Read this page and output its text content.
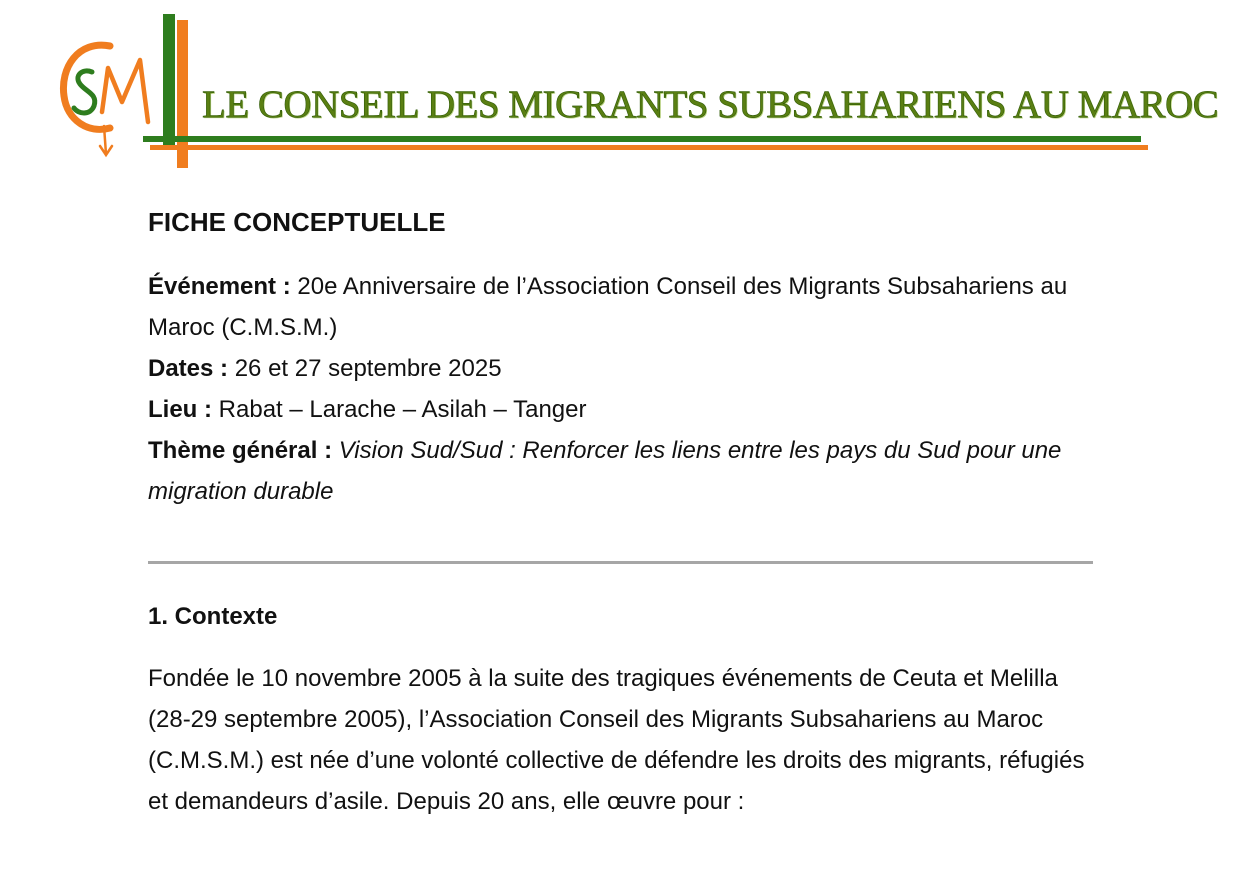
LE CONSEIL DES MIGRANTS SUBSAHARIENS AU MAROC
FICHE CONCEPTUELLE

Événement : 20e Anniversaire de l’Association Conseil des Migrants Subsahariens au Maroc (C.M.S.M.)

Dates : 26 et 27 septembre 2025

Lieu : Rabat – Larache – Asilah – Tanger

Thème général : Vision Sud/Sud : Renforcer les liens entre les pays du Sud pour une migration durable

1. Contexte

Fondée le 10 novembre 2005 à la suite des tragiques événements de Ceuta et Melilla (28-29 septembre 2005), l’Association Conseil des Migrants Subsahariens au Maroc (C.M.S.M.) est née d’une volonté collective de défendre les droits des migrants, réfugiés et demandeurs d’asile. Depuis 20 ans, elle œuvre pour :
